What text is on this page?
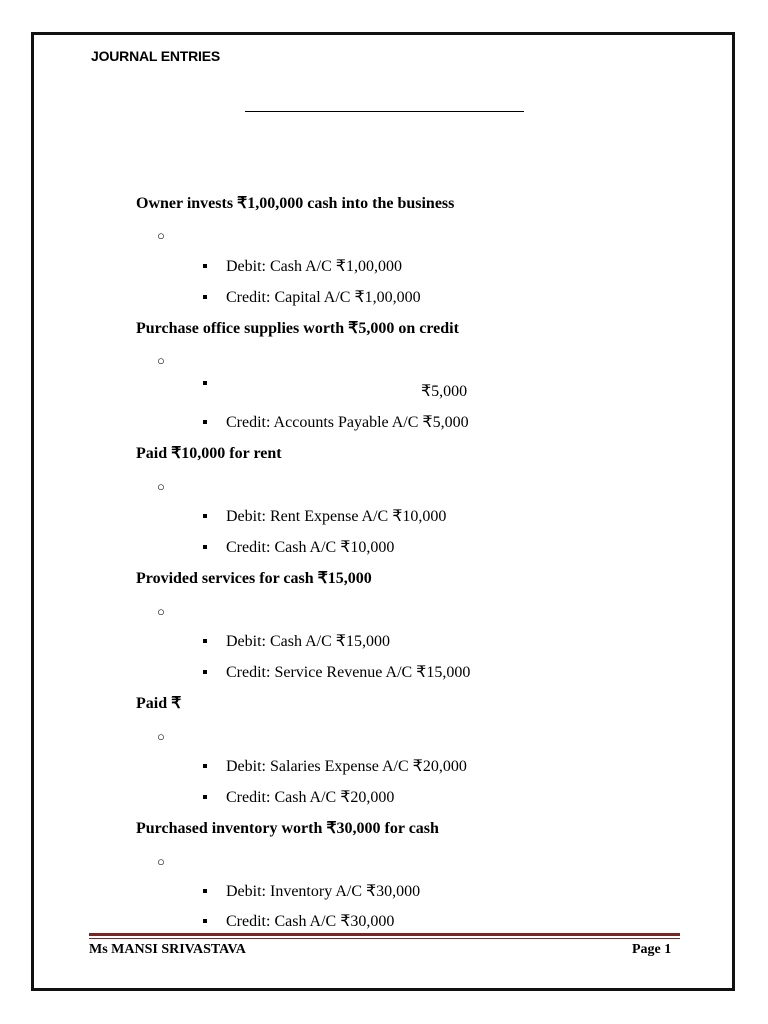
JOURNAL ENTRIES
Owner invests ₹1,00,000 cash into the business
○
Debit: Cash A/C ₹1,00,000
Credit: Capital A/C ₹1,00,000
Purchase office supplies worth ₹5,000 on credit
○
₹5,000
Credit: Accounts Payable A/C ₹5,000
Paid ₹10,000 for rent
○
Debit: Rent Expense A/C ₹10,000
Credit: Cash A/C ₹10,000
Provided services for cash ₹15,000
○
Debit: Cash A/C ₹15,000
Credit: Service Revenue A/C ₹15,000
Paid ₹
○
Debit: Salaries Expense A/C ₹20,000
Credit: Cash A/C ₹20,000
Purchased inventory worth ₹30,000 for cash
○
Debit: Inventory A/C ₹30,000
Credit: Cash A/C ₹30,000
Ms MANSI SRIVASTAVA	Page 1
